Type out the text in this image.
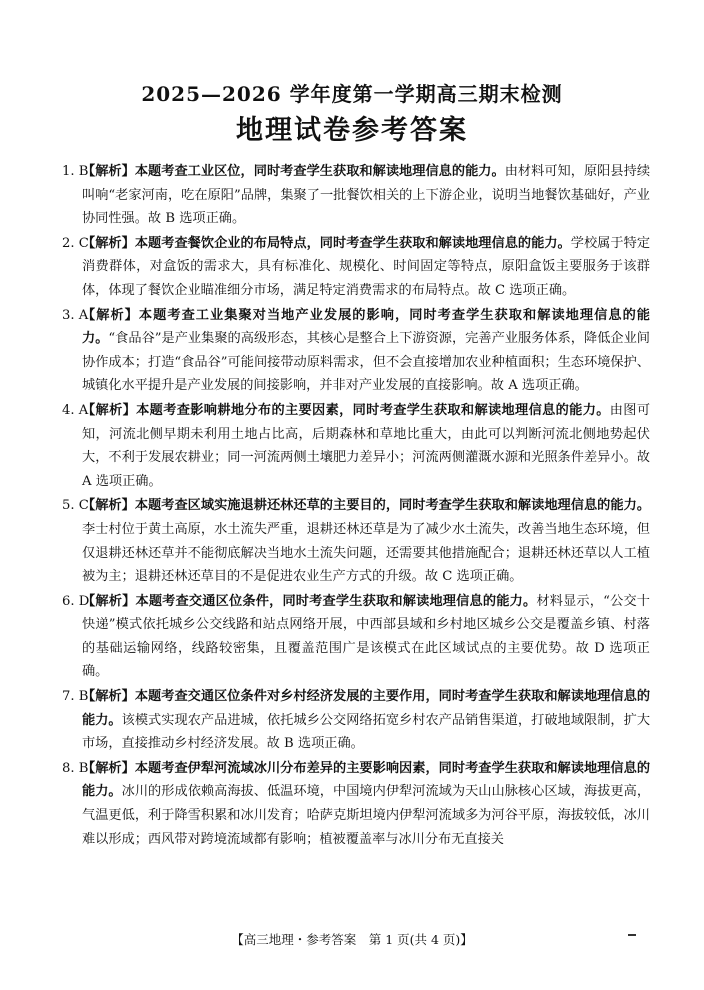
2025—2026 学年度第一学期高三期末检测
地理试卷参考答案
1. B
【解析】本题考查工业区位，同时考查学生获取和解读地理信息的能力。由材料可知，原阳县持续叫响“老家河南，吃在原阳”品牌，集聚了一批餐饮相关的上下游企业，说明当地餐饮基础好，产业协同性强。故 B 选项正确。
2. C
【解析】本题考查餐饮企业的布局特点，同时考查学生获取和解读地理信息的能力。学校属于特定消费群体，对盒饭的需求大，具有标准化、规模化、时间固定等特点，原阳盒饭主要服务于该群体，体现了餐饮企业瞄准细分市场，满足特定消费需求的布局特点。故 C 选项正确。
3. A
【解析】本题考查工业集聚对当地产业发展的影响，同时考查学生获取和解读地理信息的能力。“食品谷”是产业集聚的高级形态，其核心是整合上下游资源，完善产业服务体系，降低企业间协作成本；打造“食品谷”可能间接带动原料需求，但不会直接增加农业种植面积；生态环境保护、城镇化水平提升是产业发展的间接影响，并非对产业发展的直接影响。故 A 选项正确。
4. A
【解析】本题考查影响耕地分布的主要因素，同时考查学生获取和解读地理信息的能力。由图可知，河流北侧早期未利用土地占比高，后期森林和草地比重大，由此可以判断河流北侧地势起伏大，不利于发展农耕业；同一河流两侧土壤肥力差异小；河流两侧灌溉水源和光照条件差异小。故 A 选项正确。
5. C
【解析】本题考查区域实施退耕还林还草的主要目的，同时考查学生获取和解读地理信息的能力。李士村位于黄土高原，水土流失严重，退耕还林还草是为了减少水土流失，改善当地生态环境，但仅退耕还林还草并不能彻底解决当地水土流失问题，还需要其他措施配合；退耕还林还草以人工植被为主；退耕还林还草目的不是促进农业生产方式的升级。故 C 选项正确。
6. D
【解析】本题考查交通区位条件，同时考查学生获取和解读地理信息的能力。材料显示，“公交十快递”模式依托城乡公交线路和站点网络开展，中西部县域和乡村地区城乡公交是覆盖乡镇、村落的基础运输网络，线路较密集，且覆盖范围广是该模式在此区域试点的主要优势。故 D 选项正确。
7. B
【解析】本题考查交通区位条件对乡村经济发展的主要作用，同时考查学生获取和解读地理信息的能力。该模式实现农产品进城，依托城乡公交网络拓宽乡村农产品销售渠道，打破地域限制，扩大市场，直接推动乡村经济发展。故 B 选项正确。
8. B
【解析】本题考查伊犁河流域冰川分布差异的主要影响因素，同时考查学生获取和解读地理信息的能力。冰川的形成依赖高海拔、低温环境，中国境内伊犁河流域为天山山脉核心区域，海拔更高，气温更低，利于降雪积累和冰川发育；哈萨克斯坦境内伊犁河流域多为河谷平原，海拔较低，冰川难以形成；西风带对跨境流域都有影响；植被覆盖率与冰川分布无直接关
【高三地理・参考答案　第 1 页(共 4 页)】
